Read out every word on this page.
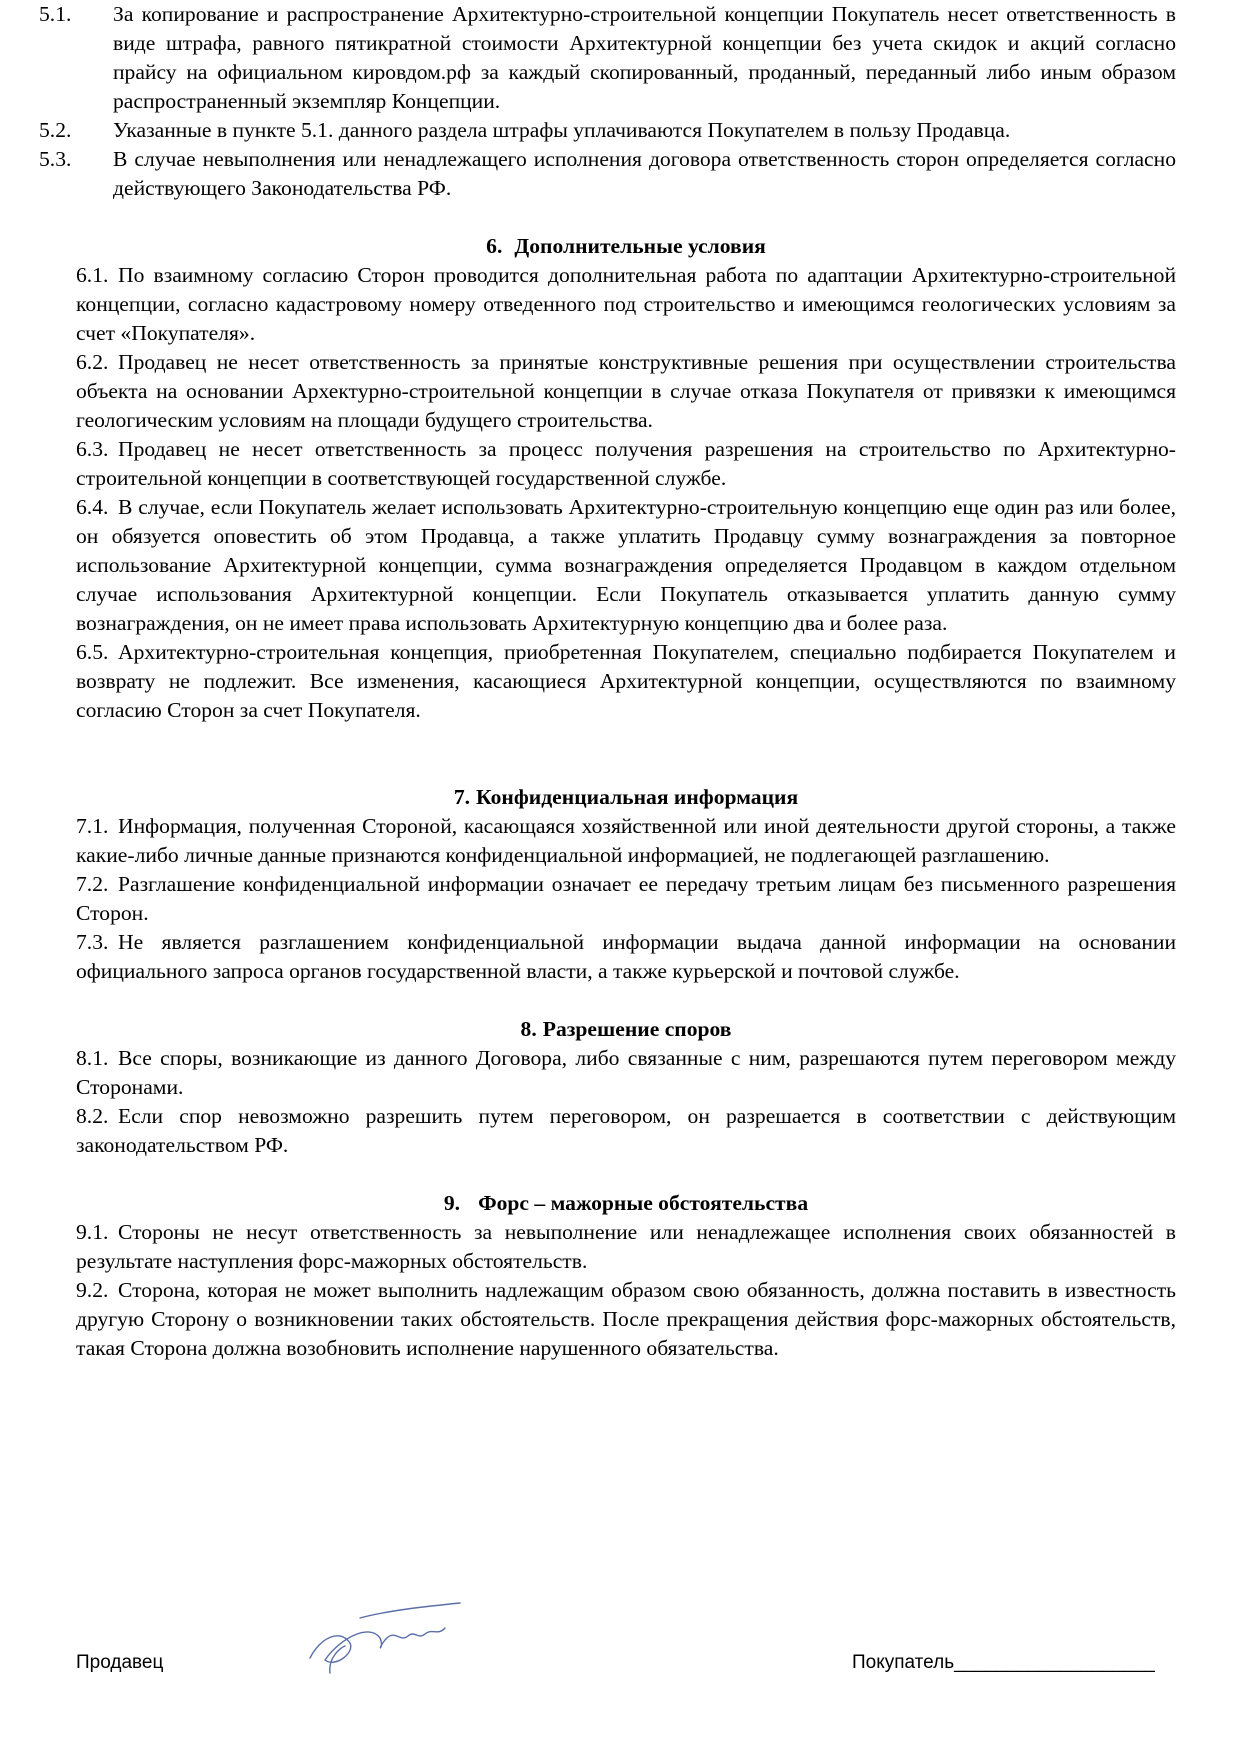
5.1.	За копирование и распространение Архитектурно-строительной концепции Покупатель несет ответственность в виде штрафа, равного пятикратной стоимости Архитектурной концепции без учета скидок и акций согласно прайсу на официальном кировдом.рф за каждый скопированный, проданный, переданный либо иным образом распространенный экземпляр Концепции.

5.2.	Указанные в пункте 5.1. данного раздела штрафы уплачиваются Покупателем в пользу Продавца.

5.3.	В случае невыполнения или ненадлежащего исполнения договора ответственность сторон определяется согласно действующего Законодательства РФ.

6. Дополнительные условия

6.1. По взаимному согласию Сторон проводится дополнительная работа по адаптации Архитектурно-строительной концепции, согласно кадастровому номеру отведенного под строительство и имеющимся геологических условиям за счет «Покупателя».

6.2. Продавец не несет ответственность за принятые конструктивные решения при осуществлении строительства объекта на основании Архектурно-строительной концепции в случае отказа Покупателя от привязки к имеющимся геологическим условиям на площади будущего строительства.

6.3. Продавец не несет ответственность за процесс получения разрешения на строительство по Архитектурно-строительной концепции в соответствующей государственной службе.

6.4. В случае, если Покупатель желает использовать Архитектурно-строительную концепцию еще один раз или более, он обязуется оповестить об этом Продавца, а также уплатить Продавцу сумму вознаграждения за повторное использование Архитектурной концепции, сумма вознаграждения определяется Продавцом в каждом отдельном случае использования Архитектурной концепции. Если Покупатель отказывается уплатить данную сумму вознаграждения, он не имеет права использовать Архитектурную концепцию два и более раза.

6.5. Архитектурно-строительная концепция, приобретенная Покупателем, специально подбирается Покупателем и возврату не подлежит. Все изменения, касающиеся Архитектурной концепции, осуществляются по взаимному согласию Сторон за счет Покупателя.

7. Конфиденциальная информация

7.1. Информация, полученная Стороной, касающаяся хозяйственной или иной деятельности другой стороны, а также какие-либо личные данные признаются конфиденциальной информацией, не подлегающей разглашению.

7.2. Разглашение конфиденциальной информации означает ее передачу третьим лицам без письменного разрешения Сторон.

7.3. Не является разглашением конфиденциальной информации выдача данной информации на основании официального запроса органов государственной власти, а также курьерской и почтовой службе.

8. Разрешение споров

8.1. Все споры, возникающие из данного Договора, либо связанные с ним, разрешаются путем переговором между Сторонами.

8.2. Если спор невозможно разрешить путем переговором, он разрешается в соответствии с действующим законодательством РФ.

9. Форс – мажорные обстоятельства

9.1. Стороны не несут ответственность за невыполнение или ненадлежащее исполнения своих обязанностей в результате наступления форс-мажорных обстоятельств.

9.2. Сторона, которая не может выполнить надлежащим образом свою обязанность, должна поставить в известность другую Сторону о возникновении таких обстоятельств. После прекращения действия форс-мажорных обстоятельств, такая Сторона должна возобновить исполнение нарушенного обязательства.

Продавец	Покупатель___________________
